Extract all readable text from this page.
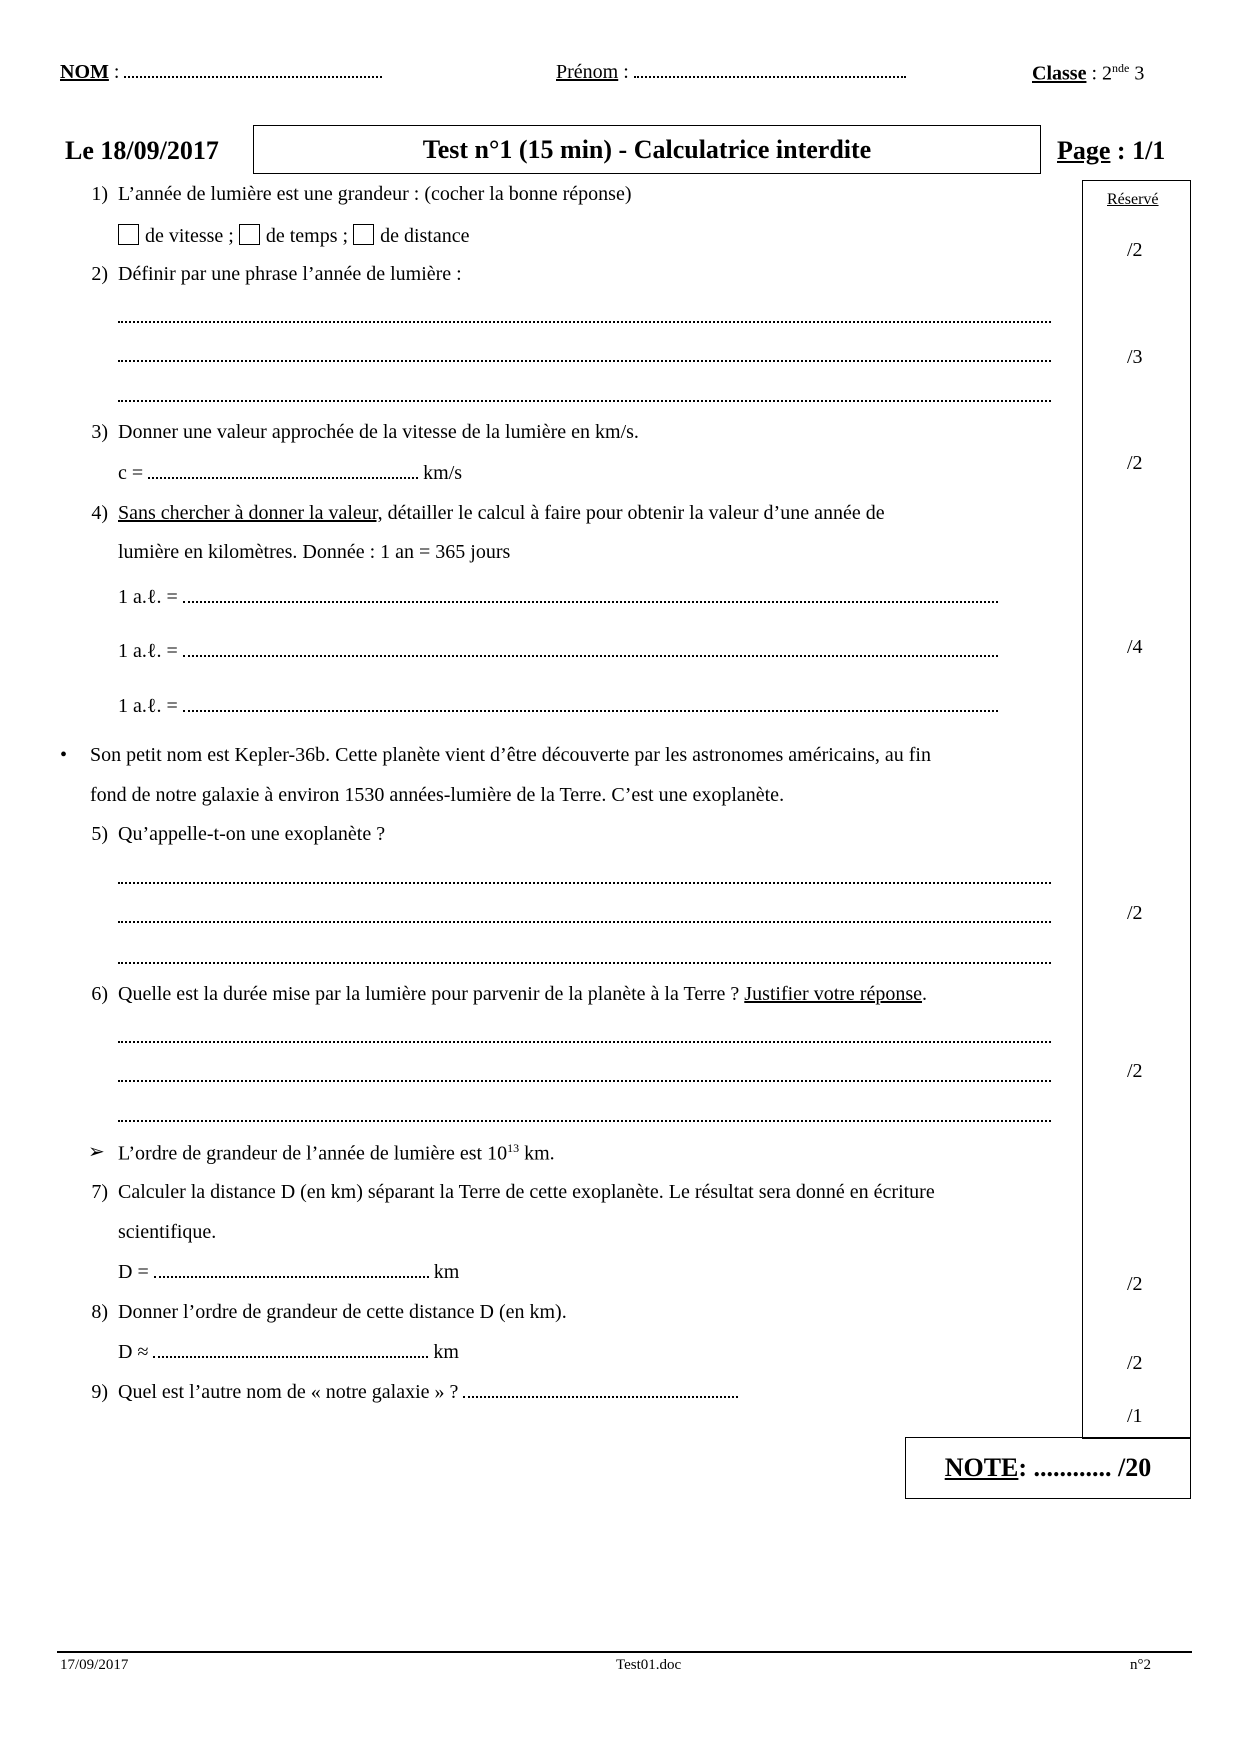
NOM :	Prénom :	Classe : 2nde 3
Le 18/09/2017	Test n°1 (15 min) - Calculatrice interdite	Page : 1/1
Réservé
/2
/3
/2
/4
/2
/2
/2
/2
/1
NOTE : ............ /20
1) L’année de lumière est une grandeur : (cocher la bonne réponse)
de vitesse ; de temps ; de distance
2) Définir par une phrase l’année de lumière :
3) Donner une valeur approchée de la vitesse de la lumière en km/s.
c =	km/s
4) Sans chercher à donner la valeur, détailler le calcul à faire pour obtenir la valeur d’une année de
lumière en kilomètres. Donnée : 1 an = 365 jours
1 a.ℓ. =
1 a.ℓ. =
1 a.ℓ. =
• Son petit nom est Kepler-36b. Cette planète vient d’être découverte par les astronomes américains, au fin
fond de notre galaxie à environ 1530 années-lumière de la Terre. C’est une exoplanète.
5) Qu’appelle-t-on une exoplanète ?
6) Quelle est la durée mise par la lumière pour parvenir de la planète à la Terre ? Justifier votre réponse.
➢ L’ordre de grandeur de l’année de lumière est $10^{13}$ km.
7) Calculer la distance D (en km) séparant la Terre de cette exoplanète. Le résultat sera donné en écriture
scientifique.
D =	km
8) Donner l’ordre de grandeur de cette distance D (en km).
D ≈	km
9) Quel est l’autre nom de « notre galaxie » ?
17/09/2017	Test01.doc	n°2
